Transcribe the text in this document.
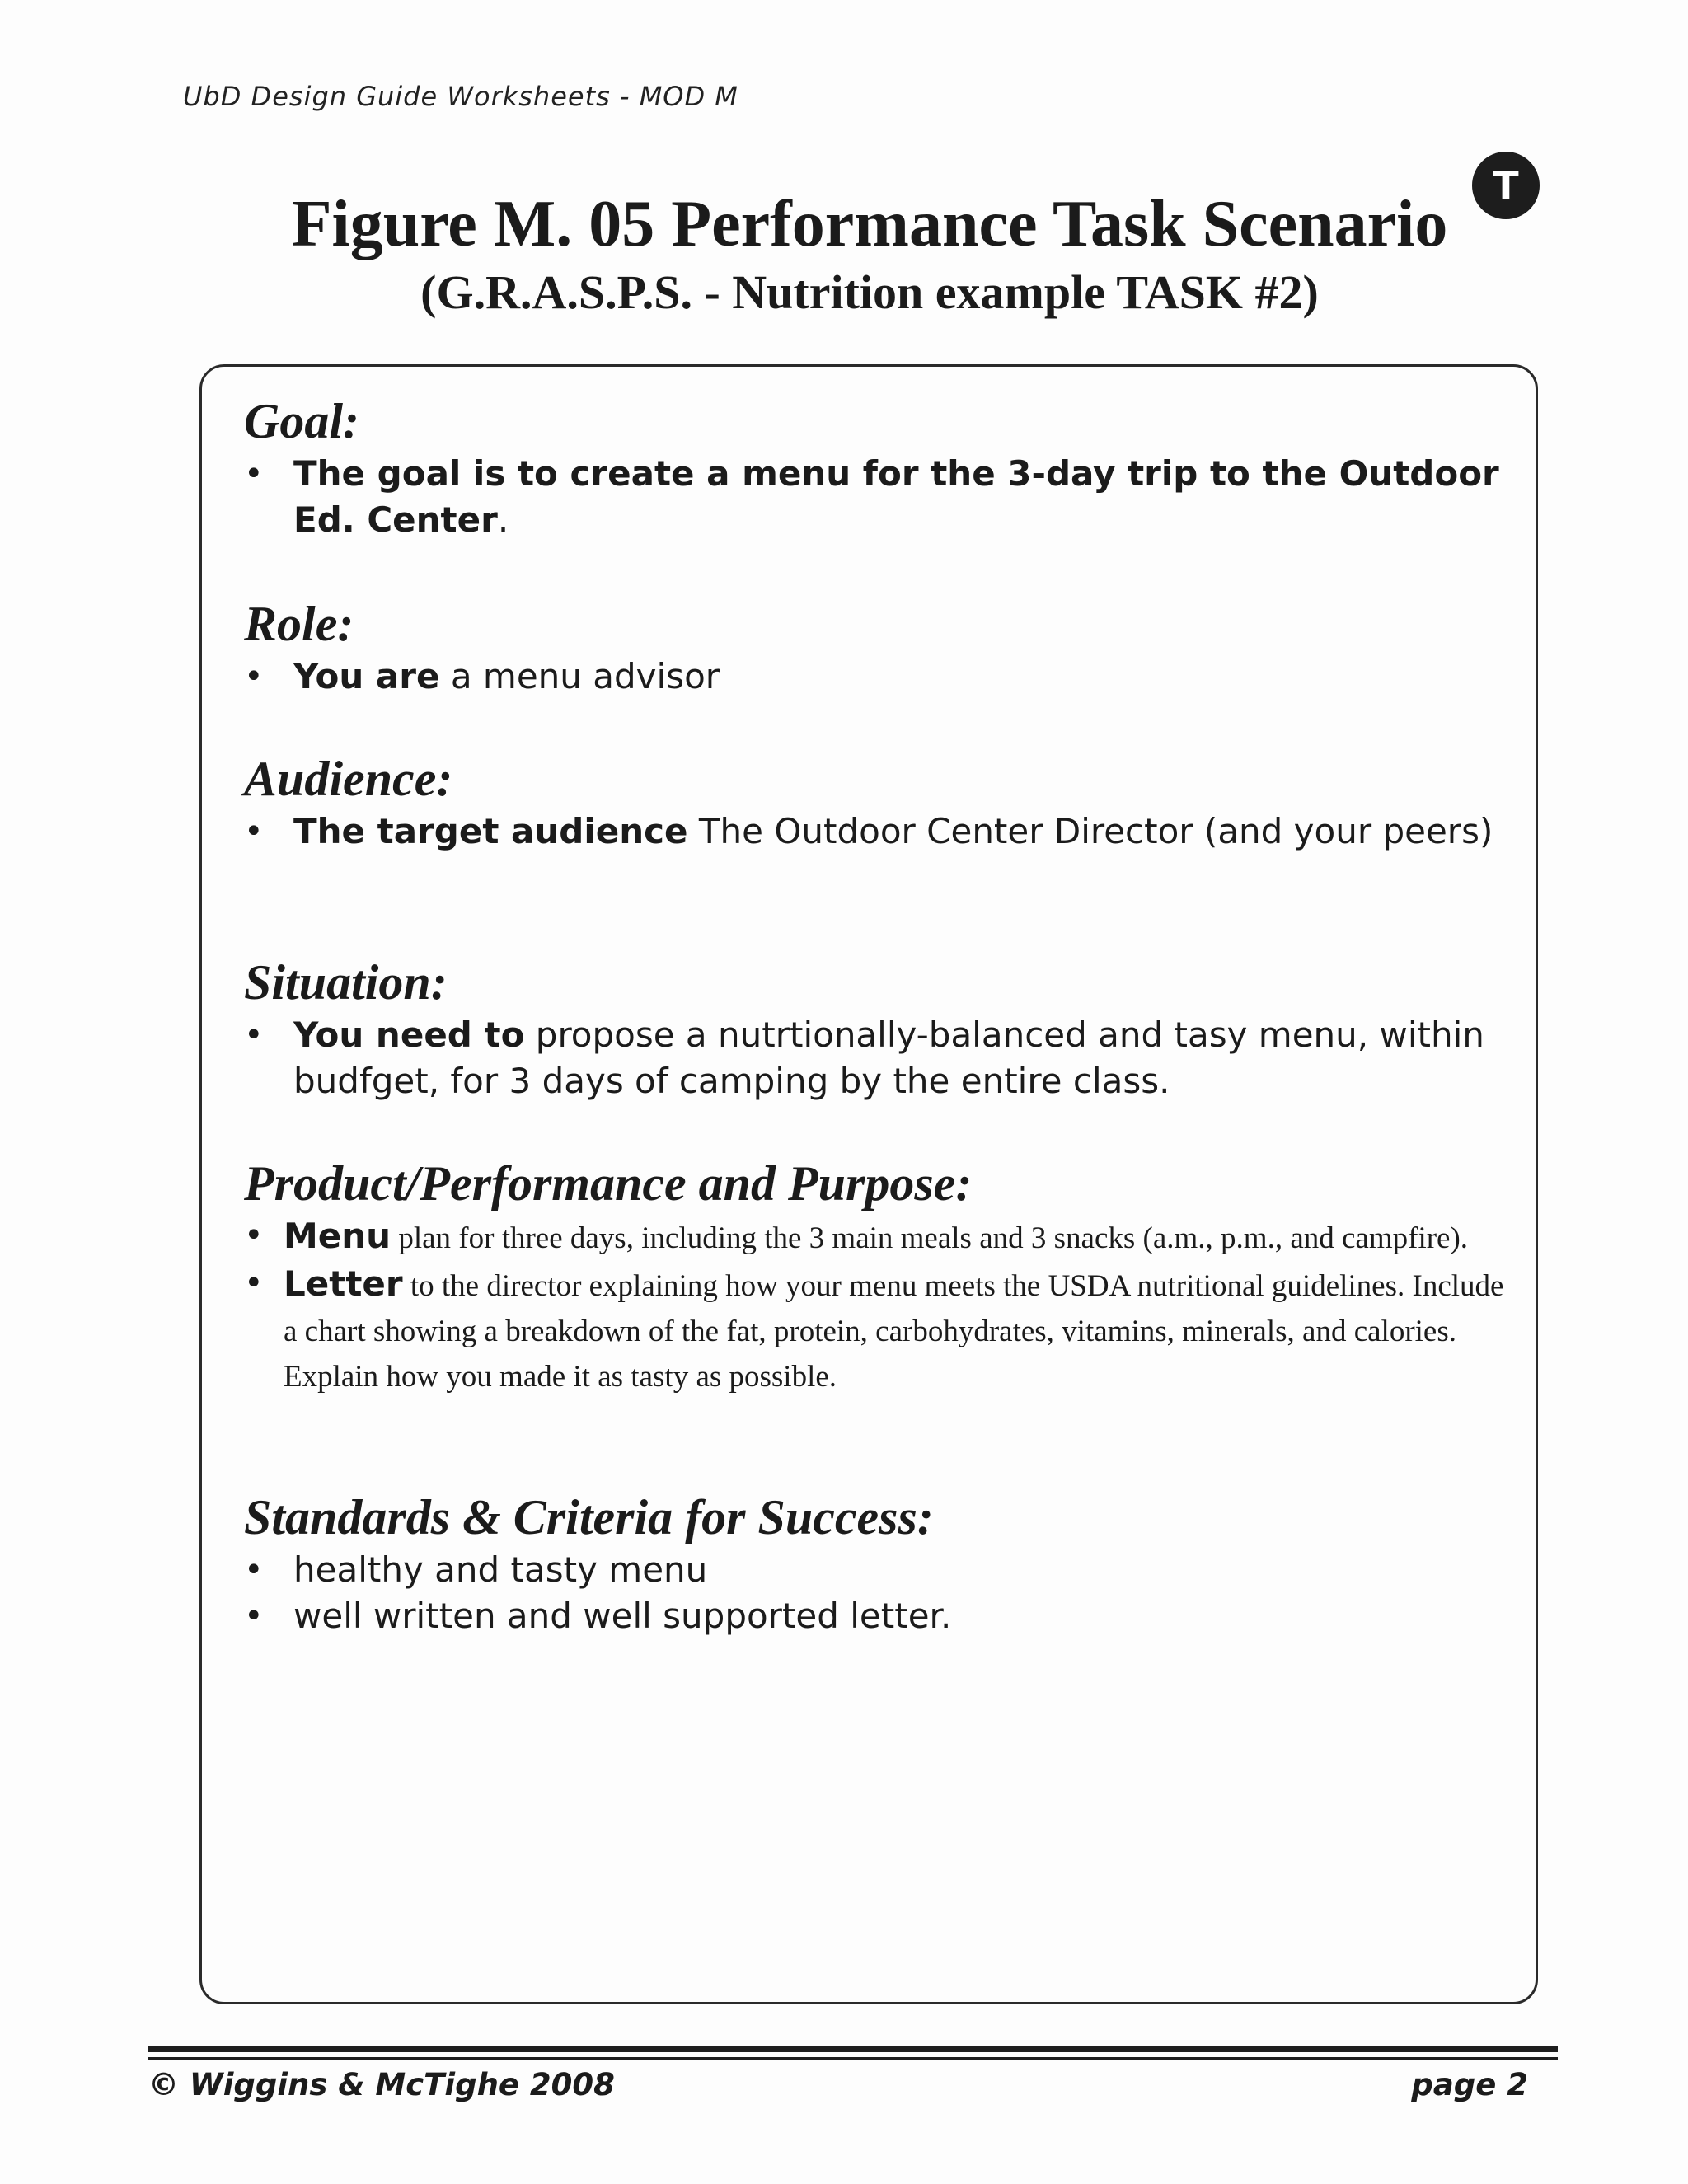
UbD Design Guide Worksheets - MOD M
T
Figure M. 05 Performance Task Scenario
(G.R.A.S.P.S. - Nutrition example TASK #2)

Goal:

• The goal is to create a menu for the 3-day trip to the Outdoor Ed. Center.

Role:

• You are a menu advisor

Audience:

• The target audience The Outdoor Center Director (and your peers)

Situation:

• You need to propose a nutrtionally-balanced and tasy menu, within budfget, for 3 days of camping by the entire class.

Product/Performance and Purpose:

• Menu plan for three days, including the 3 main meals and 3 snacks (a.m., p.m., and campfire).

• Letter to the director explaining how your menu meets the USDA nutritional guidelines. Include a chart showing a breakdown of the fat, protein, carbohydrates, vitamins, minerals, and calories. Explain how you made it as tasty as possible.

Standards & Criteria for Success:

• healthy and tasty menu

• well written and well supported letter.

© Wiggins & McTighe 2008	page 2
